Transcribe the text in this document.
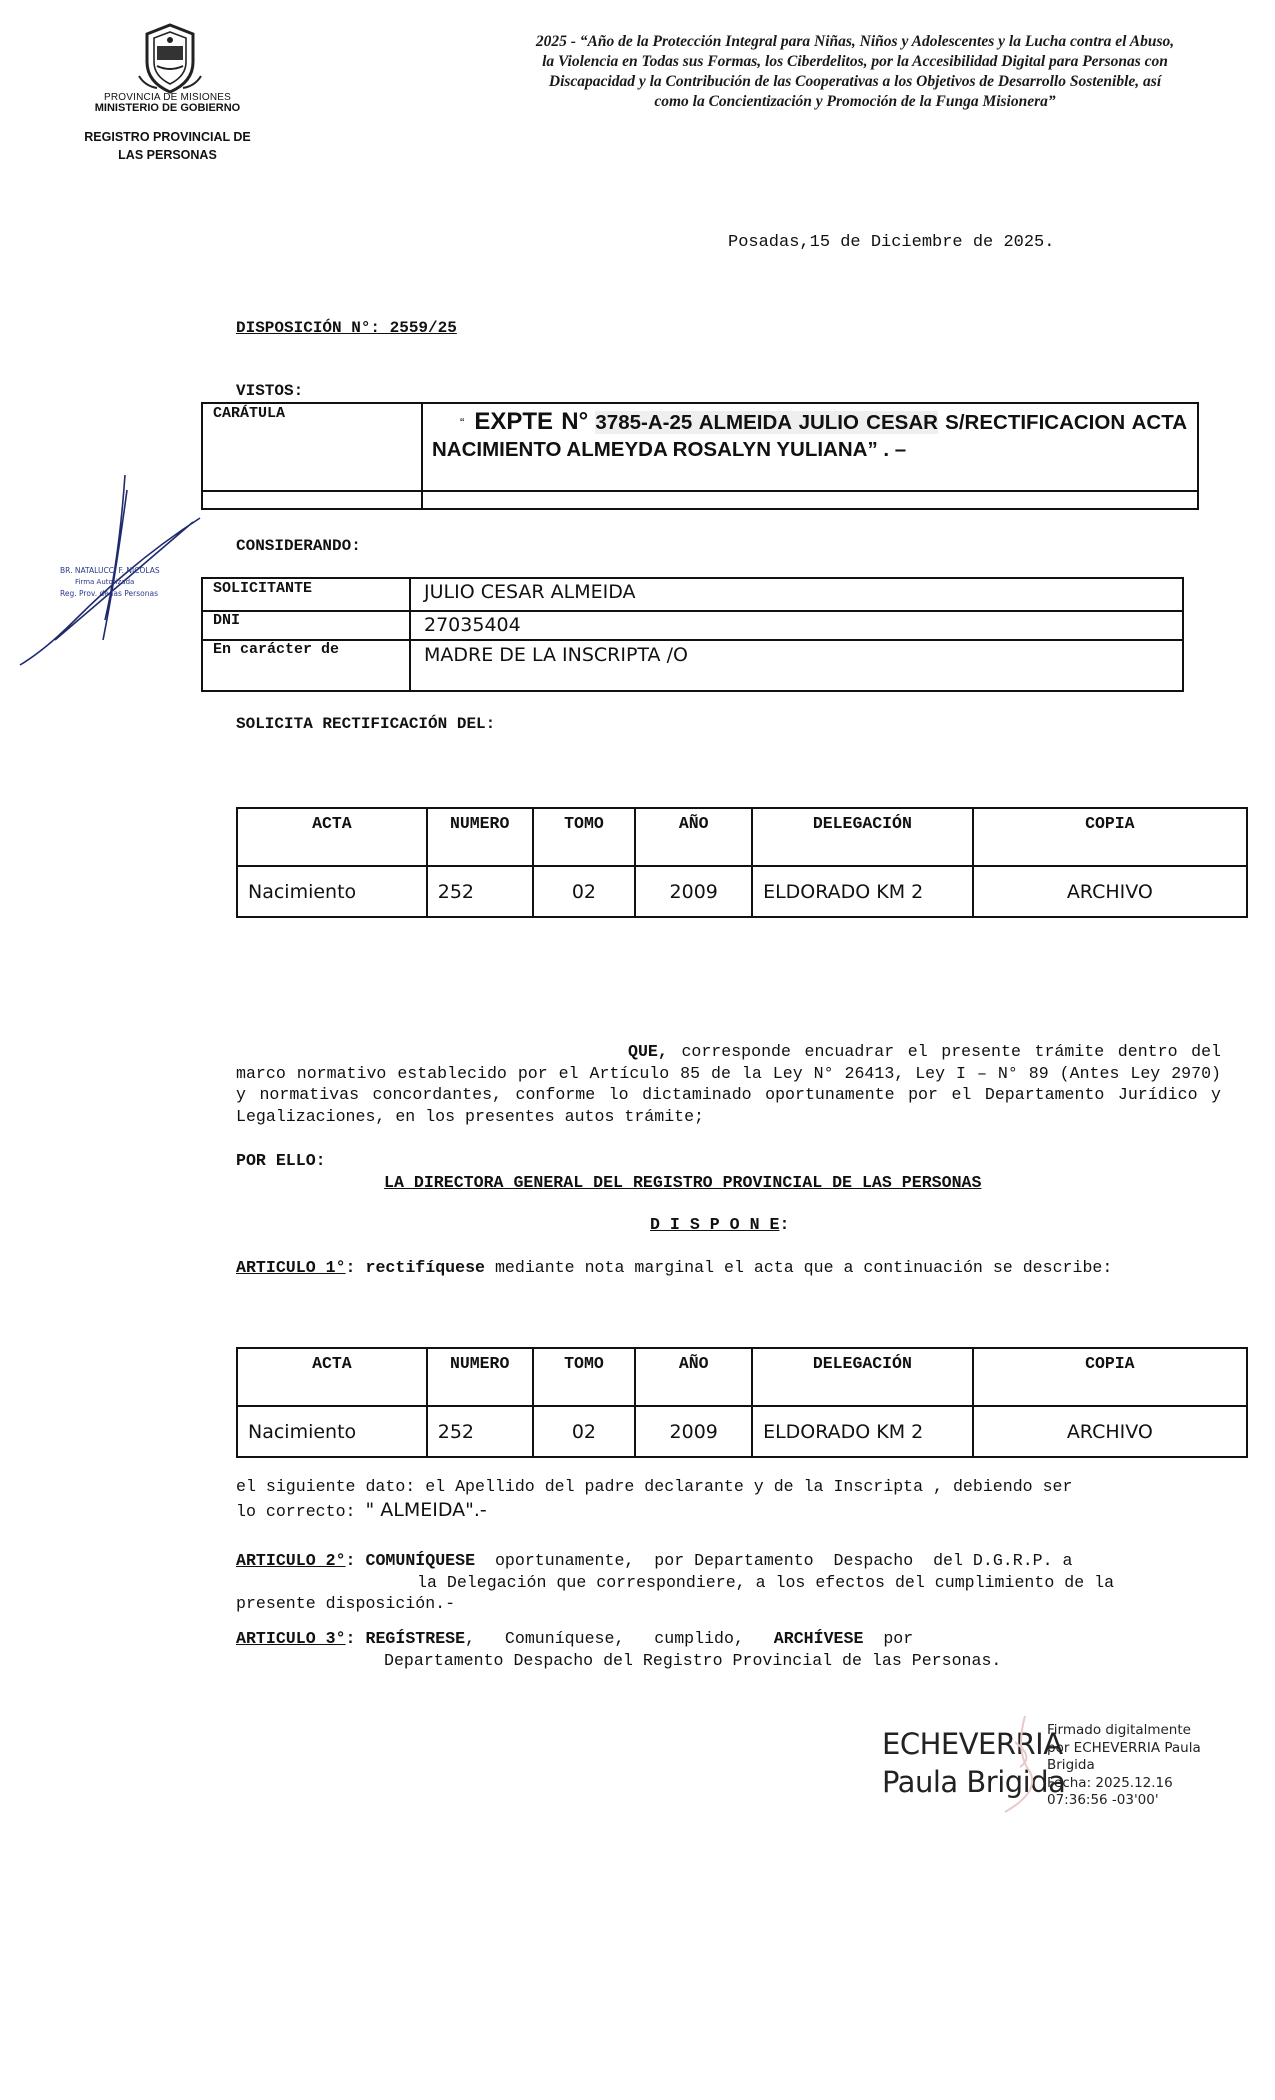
PROVINCIA DE MISIONES
MINISTERIO DE GOBIERNO
REGISTRO PROVINCIAL DE
LAS PERSONAS
2025 - “Año de la Protección Integral para Niñas, Niños y Adolescentes y la Lucha contra el Abuso, la Violencia en Todas sus Formas, los Ciberdelitos, por la Accesibilidad Digital para Personas con Discapacidad y la Contribución de las Cooperativas a los Objetivos de Desarrollo Sostenible, así como la Concientización y Promoción de la Funga Misionera”
Posadas,15 de Diciembre de 2025.
DISPOSICIÓN N°: 2559/25
VISTOS:
CARÁTULA
“ EXPTE N° 3785-A-25 ALMEIDA JULIO CESAR S/RECTIFICACION ACTA NACIMIENTO ALMEYDA ROSALYN YULIANA” . –
BR. NATALUCCI F. NICOLAS
Firma Autorizada
Reg. Prov. de las Personas
CONSIDERANDO:
SOLICITANTE	JULIO CESAR ALMEIDA
DNI	27035404
En carácter de	MADRE DE LA INSCRIPTA /O
SOLICITA RECTIFICACIÓN DEL:
ACTA	NUMERO	TOMO	AÑO	DELEGACIÓN	COPIA
Nacimiento	252	02	2009	ELDORADO KM 2	ARCHIVO
QUE, corresponde encuadrar el presente trámite dentro del marco normativo establecido por el Artículo 85 de la Ley N° 26413, Ley I – N° 89 (Antes Ley 2970) y normativas concordantes, conforme lo dictaminado oportunamente por el Departamento Jurídico y Legalizaciones, en los presentes autos trámite;
POR ELLO:
LA DIRECTORA GENERAL DEL REGISTRO PROVINCIAL DE LAS PERSONAS
D I S P O N E:
ARTICULO 1°: rectifíquese mediante nota marginal el acta que a continuación se describe:
ACTA	NUMERO	TOMO	AÑO	DELEGACIÓN	COPIA
Nacimiento	252	02	2009	ELDORADO KM 2	ARCHIVO
el siguiente dato: el Apellido del padre declarante y de la Inscripta , debiendo ser
lo correcto: " ALMEIDA".-
ARTICULO 2°: COMUNÍQUESE oportunamente,  por Departamento  Despacho  del D.G.R.P. a
la Delegación que correspondiere, a los efectos del cumplimiento de la
presente disposición.-
ARTICULO 3°: REGÍSTRESE,   Comuníquese,   cumplido,   ARCHÍVESE  por
Departamento Despacho del Registro Provincial de las Personas.
ECHEVERRIA
Paula Brigida
Firmado digitalmente
por ECHEVERRIA Paula
Brigida
Fecha: 2025.12.16
07:36:56 -03'00'
